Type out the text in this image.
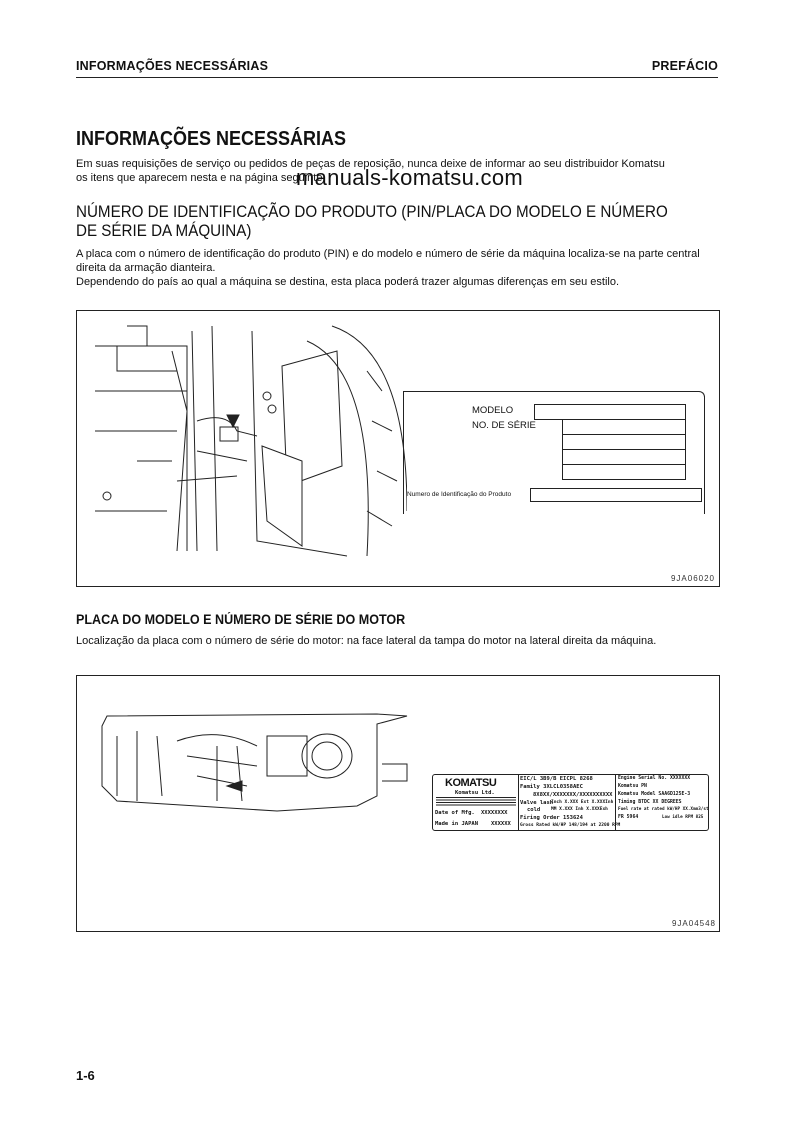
INFORMAÇÕES NECESSÁRIAS	PREFÁCIO
INFORMAÇÕES NECESSÁRIAS
Em suas requisições de serviço ou pedidos de peças de reposição, nunca deixe de informar ao seu distribuidor Komatsu
os itens que aparecem nesta e na página seguinte.
manuals-komatsu.com
NÚMERO DE IDENTIFICAÇÃO DO PRODUTO (PIN/PLACA DO MODELO E NÚMERO DE SÉRIE DA MÁQUINA)
A placa com o número de identificação do produto (PIN) e do modelo e número de série da máquina localiza-se na parte central direita da armação dianteira.
Dependendo do país ao qual a máquina se destina, esta placa poderá trazer algumas diferenças em seu estilo.
MODELO
NO. DE SÉRIE
Numero de Identificação do Produto
9JA06020
PLACA DO MODELO E NÚMERO DE SÉRIE DO MOTOR
Localização da placa com o número de série do motor: na face lateral da tampa do motor na lateral direita da máquina.
KOMATSU
Komatsu Ltd.
Date of Mfg. XXXXXXXX
Made in JAPAN XXXXXX
EIC/L 3B9/B EICPL 8268
Family 3XLCL0358AEC
8X8XX/XXXXXXX/XXXXXXXXXX
Valve lash
cold
Inch X.XXX Ext X.XXXInh
MM X.XXX Inh X.XXXExh
Firing Order 153624
Gross Rated kW/HP 148/194 at 2200 RPM
Engine Serial No. XXXXXXX
Komatsu PN
Komatsu Model SAA6D125E-3
Timing BTDC XX DEGREES
Fuel rate at rated kW/HP XX.Xmm3/st
FR 5964	Low idle RPM 825
9JA04548
1-6
